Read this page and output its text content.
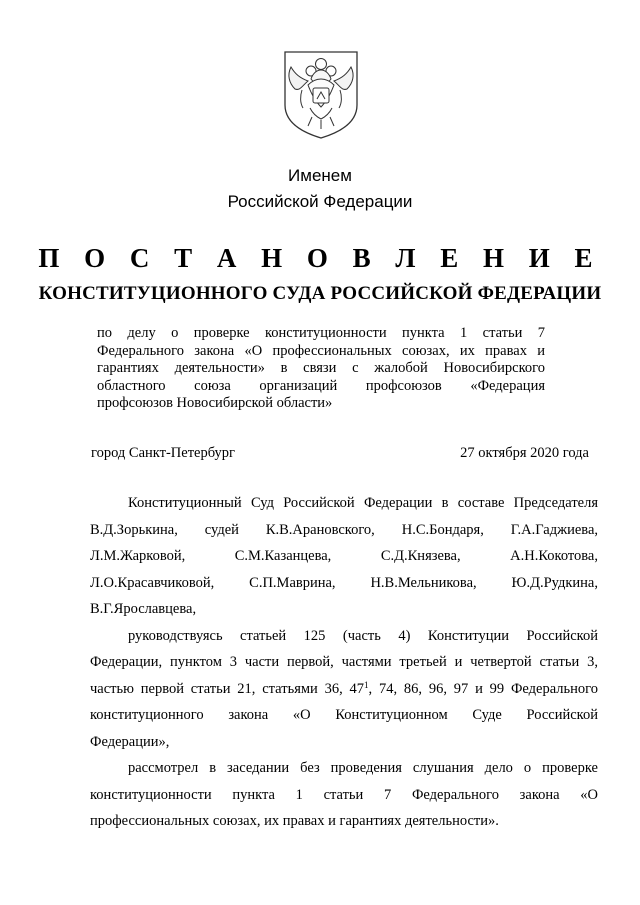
Именем
Российской Федерации
П О С Т А Н О В Л Е Н И Е
КОНСТИТУЦИОННОГО СУДА РОССИЙСКОЙ ФЕДЕРАЦИИ
по делу о проверке конституционности пункта 1 статьи 7
Федерального закона «О профессиональных союзах, их правах и
гарантиях деятельности» в связи с жалобой Новосибирского
областного союза организаций профсоюзов «Федерация
профсоюзов Новосибирской области»
город Санкт-Петербург	27 октября 2020 года
Конституционный Суд Российской Федерации в составе Председателя
В.Д.Зорькина, судей К.В.Арановского, Н.С.Бондаря, Г.А.Гаджиева,
Л.М.Жарковой, С.М.Казанцева, С.Д.Князева, А.Н.Кокотова,
Л.О.Красавчиковой, С.П.Маврина, Н.В.Мельникова, Ю.Д.Рудкина,
В.Г.Ярославцева,
руководствуясь статьей 125 (часть 4) Конституции Российской
Федерации, пунктом 3 части первой, частями третьей и четвертой статьи 3,
частью первой статьи 21, статьями 36, $47^1$, 74, 86, 96, 97 и 99 Федерального
конституционного закона «О Конституционном Суде Российской
Федерации»,
рассмотрел в заседании без проведения слушания дело о проверке
конституционности пункта 1 статьи 7 Федерального закона «О
профессиональных союзах, их правах и гарантиях деятельности».
